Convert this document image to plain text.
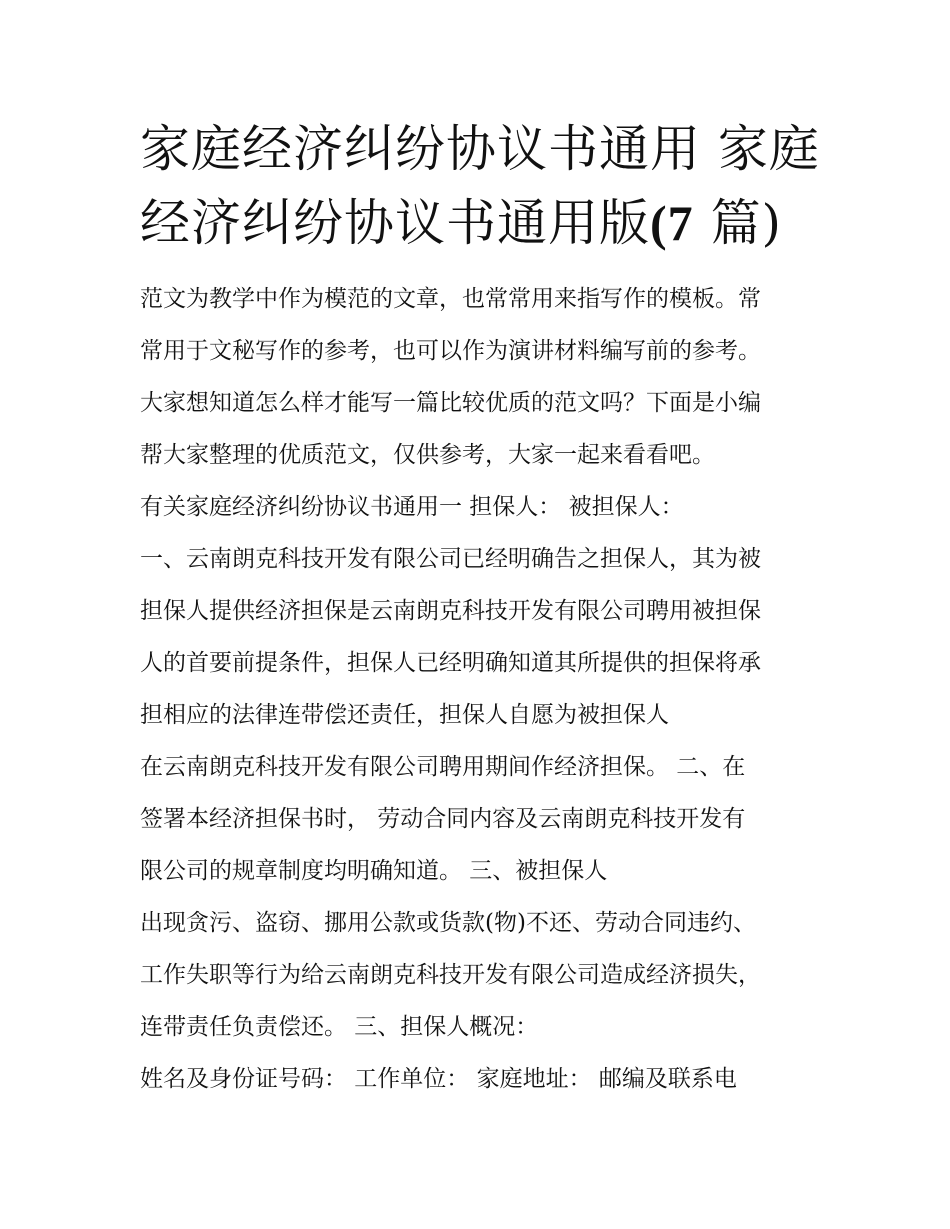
家庭经济纠纷协议书通用 家庭
经济纠纷协议书通用版(7 篇)
范文为教学中作为模范的文章，也常常用来指写作的模板。常
常用于文秘写作的参考，也可以作为演讲材料编写前的参考。
大家想知道怎么样才能写一篇比较优质的范文吗？下面是小编
帮大家整理的优质范文，仅供参考，大家一起来看看吧。
有关家庭经济纠纷协议书通用一 担保人： 被担保人：
一、云南朗克科技开发有限公司已经明确告之担保人，其为被
担保人提供经济担保是云南朗克科技开发有限公司聘用被担保
人的首要前提条件，担保人已经明确知道其所提供的担保将承
担相应的法律连带偿还责任，担保人自愿为被担保人
在云南朗克科技开发有限公司聘用期间作经济担保。 二、在
签署本经济担保书时， 劳动合同内容及云南朗克科技开发有
限公司的规章制度均明确知道。 三、被担保人
出现贪污、盗窃、挪用公款或货款(物)不还、劳动合同违约、
工作失职等行为给云南朗克科技开发有限公司造成经济损失，
连带责任负责偿还。 三、担保人概况：
姓名及身份证号码： 工作单位： 家庭地址： 邮编及联系电
